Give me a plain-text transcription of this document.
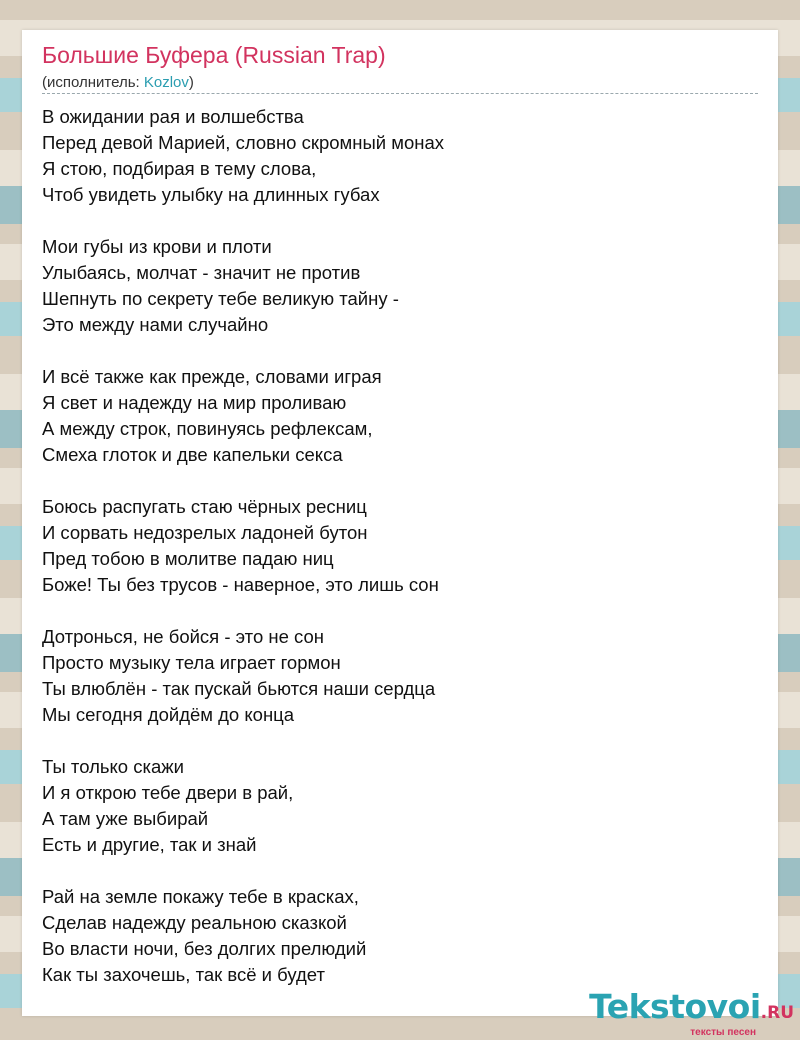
Большие Буфера (Russian Trap)
(исполнитель: Kozlov)
В ожидании рая и волшебства
Перед девой Марией, словно скромный монах
Я стою, подбирая в тему слова,
Чтоб увидеть улыбку на длинных губах
Мои губы из крови и плоти
Улыбаясь, молчат - значит не против
Шепнуть по секрету тебе великую тайну -
Это между нами случайно
И всё также как прежде, словами играя
Я свет и надежду на мир проливаю
А между строк, повинуясь рефлексам,
Смеха глоток и две капельки секса
Боюсь распугать стаю чёрных ресниц
И сорвать недозрелых ладоней бутон
Пред тобою в молитве падаю ниц
Боже! Ты без трусов - наверное, это лишь сон
Дотронься, не бойся - это не сон
Просто музыку тела играет гормон
Ты влюблён - так пускай бьются наши сердца
Мы сегодня дойдём до конца
Ты только скажи
И я открою тебе двери в рай,
А там уже выбирай
Есть и другие, так и знай
Рай на земле покажу тебе в красках,
Сделав надежду реальною сказкой
Во власти ночи, без долгих прелюдий
Как ты захочешь, так всё и будет
Tekstovoi.RU
тексты песен
